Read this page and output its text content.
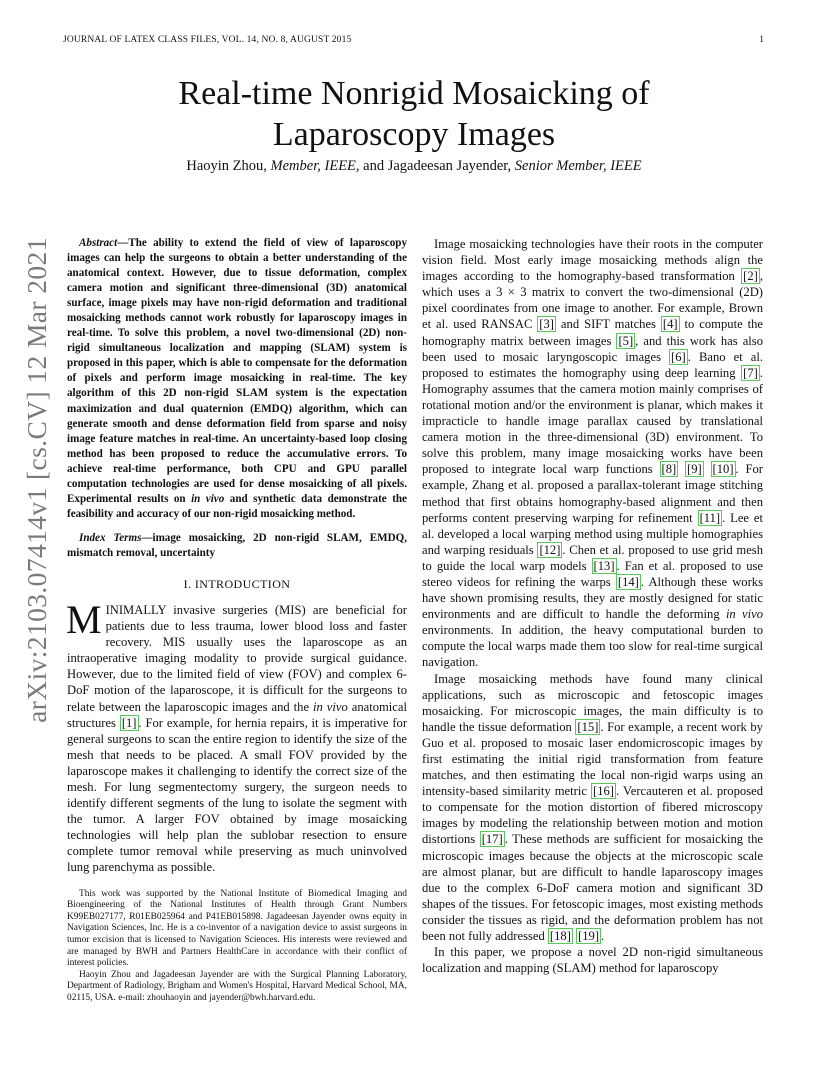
JOURNAL OF LATEX CLASS FILES, VOL. 14, NO. 8, AUGUST 2015	1
arXiv:2103.07414v1 [cs.CV] 12 Mar 2021
Real-time Nonrigid Mosaicking of
Laparoscopy Images
Haoyin Zhou, Member, IEEE, and Jagadeesan Jayender, Senior Member, IEEE

Abstract—The ability to extend the field of view of laparoscopy images can help the surgeons to obtain a better understanding of the anatomical context. However, due to tissue deformation, complex camera motion and significant three-dimensional (3D) anatomical surface, image pixels may have non-rigid deformation and traditional mosaicking methods cannot work robustly for laparoscopy images in real-time. To solve this problem, a novel two-dimensional (2D) non-rigid simultaneous localization and mapping (SLAM) system is proposed in this paper, which is able to compensate for the deformation of pixels and perform image mosaicking in real-time. The key algorithm of this 2D non-rigid SLAM system is the expectation maximization and dual quaternion (EMDQ) algorithm, which can generate smooth and dense deformation field from sparse and noisy image feature matches in real-time. An uncertainty-based loop closing method has been proposed to reduce the accumulative errors. To achieve real-time performance, both CPU and GPU parallel computation technologies are used for dense mosaicking of all pixels. Experimental results on in vivo and synthetic data demonstrate the feasibility and accuracy of our non-rigid mosaicking method.

Index Terms—image mosaicking, 2D non-rigid SLAM, EMDQ, mismatch removal, uncertainty

I. INTRODUCTION

MINIMALLY invasive surgeries (MIS) are beneficial for patients due to less trauma, lower blood loss and faster recovery. MIS usually uses the laparoscope as an intraoperative imaging modality to provide surgical guidance. However, due to the limited field of view (FOV) and complex 6-DoF motion of the laparoscope, it is difficult for the surgeons to relate between the laparoscopic images and the in vivo anatomical structures [1] . For example, for hernia repairs, it is imperative for general surgeons to scan the entire region to identify the size of the mesh that needs to be placed. A small FOV provided by the laparoscope makes it challenging to identify the correct size of the mesh. For lung segmentectomy surgery, the surgeon needs to identify different segments of the lung to isolate the segment with the tumor. A larger FOV obtained by image mosaicking technologies will help plan the sublobar resection to ensure complete tumor removal while preserving as much uninvolved lung parenchyma as possible.

This work was supported by the National Institute of Biomedical Imaging and Bioengineering of the National Institutes of Health through Grant Numbers K99EB027177, R01EB025964 and P41EB015898. Jagadeesan Jayender owns equity in Navigation Sciences, Inc. He is a co-inventor of a navigation device to assist surgeons in tumor excision that is licensed to Navigation Sciences. His interests were reviewed and are managed by BWH and Partners HealthCare in accordance with their conflict of interest policies.

Haoyin Zhou and Jagadeesan Jayender are with the Surgical Planning Laboratory, Department of Radiology, Brigham and Women's Hospital, Harvard Medical School, MA, 02115, USA. e-mail: zhouhaoyin and jayender@bwh.harvard.edu.

Image mosaicking technologies have their roots in the computer vision field. Most early image mosaicking methods align the images according to the homography-based transformation [2] , which uses a 3 × 3 matrix to convert the two-dimensional (2D) pixel coordinates from one image to another. For example, Brown et al. used RANSAC [3] and SIFT matches [4] to compute the homography matrix between images [5] , and this work has also been used to mosaic laryngoscopic images [6] . Bano et al. proposed to estimates the homography using deep learning [7] . Homography assumes that the camera motion mainly comprises of rotational motion and/or the environment is planar, which makes it impracticle to handle image parallax caused by translational camera motion in the three-dimensional (3D) environment. To solve this problem, many image mosaicking works have been proposed to integrate local warp functions [8] [9] [10] . For example, Zhang et al. proposed a parallax-tolerant image stitching method that first obtains homography-based alignment and then performs content preserving warping for refinement [11] . Lee et al. developed a local warping method using multiple homographies and warping residuals [12] . Chen et al. proposed to use grid mesh to guide the local warp models [13] . Fan et al. proposed to use stereo videos for refining the warps [14] . Although these works have shown promising results, they are mostly designed for static environments and are difficult to handle the deforming in vivo environments. In addition, the heavy computational burden to compute the local warps made them too slow for real-time surgical navigation.

Image mosaicking methods have found many clinical applications, such as microscopic and fetoscopic images mosaicking. For microscopic images, the main difficulty is to handle the tissue deformation [15] . For example, a recent work by Guo et al. proposed to mosaic laser endomicroscopic images by first estimating the initial rigid transformation from feature matches, and then estimating the local non-rigid warps using an intensity-based similarity metric [16] . Vercauteren et al. proposed to compensate for the motion distortion of fibered microscopy images by modeling the relationship between motion and motion distortions [17] . These methods are sufficient for mosaicking the microscopic images because the objects at the microscopic scale are almost planar, but are difficult to handle laparoscopy images due to the complex 6-DoF camera motion and significant 3D shapes of the tissues. For fetoscopic images, most existing methods consider the tissues as rigid, and the deformation problem has not been not fully addressed [18] [19] .

In this paper, we propose a novel 2D non-rigid simultaneous localization and mapping (SLAM) method for laparoscopy
